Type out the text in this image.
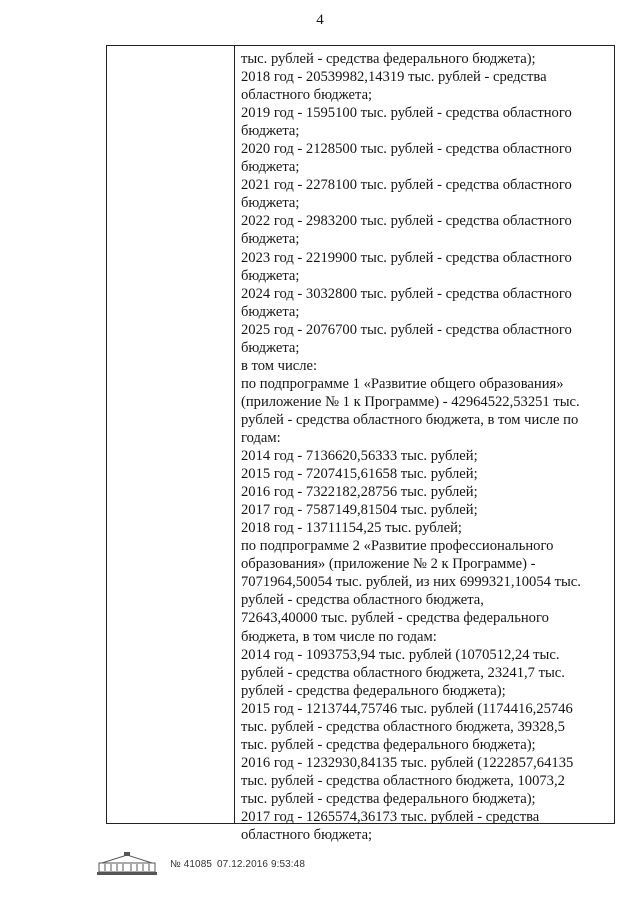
4
тыс. рублей - средства федерального бюджета);
2018 год - 20539982,14319 тыс. рублей - средства
областного бюджета;
2019 год - 1595100 тыс. рублей - средства областного
бюджета;
2020 год - 2128500 тыс. рублей - средства областного
бюджета;
2021 год - 2278100 тыс. рублей - средства областного
бюджета;
2022 год - 2983200 тыс. рублей - средства областного
бюджета;
2023 год - 2219900 тыс. рублей - средства областного
бюджета;
2024 год - 3032800 тыс. рублей - средства областного
бюджета;
2025 год - 2076700 тыс. рублей - средства областного
бюджета;
в том числе:
по подпрограмме 1 «Развитие общего образования»
(приложение № 1 к Программе) - 42964522,53251 тыс.
рублей - средства областного бюджета, в том числе по
годам:
2014 год - 7136620,56333 тыс. рублей;
2015 год - 7207415,61658 тыс. рублей;
2016 год - 7322182,28756 тыс. рублей;
2017 год - 7587149,81504 тыс. рублей;
2018 год - 13711154,25 тыс. рублей;
по подпрограмме 2 «Развитие профессионального
образования» (приложение № 2 к Программе) -
7071964,50054 тыс. рублей, из них 6999321,10054 тыс.
рублей - средства областного бюджета,
72643,40000 тыс. рублей - средства федерального
бюджета, в том числе по годам:
2014 год - 1093753,94 тыс. рублей (1070512,24 тыс.
рублей - средства областного бюджета, 23241,7 тыс.
рублей - средства федерального бюджета);
2015 год - 1213744,75746 тыс. рублей (1174416,25746
тыс. рублей - средства областного бюджета, 39328,5
тыс. рублей - средства федерального бюджета);
2016 год - 1232930,84135 тыс. рублей (1222857,64135
тыс. рублей - средства областного бюджета, 10073,2
тыс. рублей - средства федерального бюджета);
2017 год - 1265574,36173 тыс. рублей - средства
областного бюджета;
№ 41085 07.12.2016 9:53:48
